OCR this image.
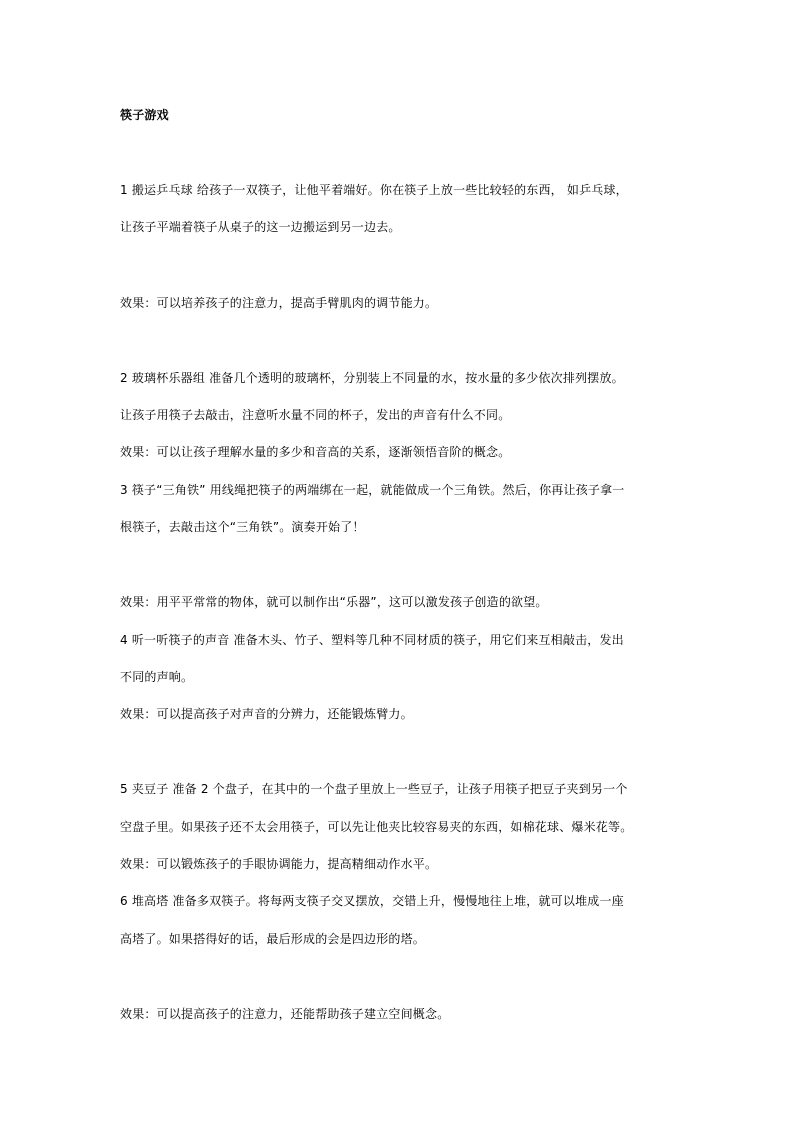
筷子游戏
1 搬运乒乓球 给孩子一双筷子，让他平着端好。你在筷子上放一些比较轻的东西， 如乒乓球，
让孩子平端着筷子从桌子的这一边搬运到另一边去。
效果：可以培养孩子的注意力，提高手臂肌肉的调节能力。
2 玻璃杯乐器组 准备几个透明的玻璃杯，分别装上不同量的水，按水量的多少依次排列摆放。
让孩子用筷子去敲击，注意听水量不同的杯子，发出的声音有什么不同。
效果：可以让孩子理解水量的多少和音高的关系，逐渐领悟音阶的概念。
3 筷子“三角铁” 用线绳把筷子的两端绑在一起，就能做成一个三角铁。然后，你再让孩子拿一
根筷子，去敲击这个“三角铁”。演奏开始了！
效果：用平平常常的物体，就可以制作出“乐器”，这可以激发孩子创造的欲望。
4 听一听筷子的声音 准备木头、竹子、塑料等几种不同材质的筷子，用它们来互相敲击，发出
不同的声响。
效果：可以提高孩子对声音的分辨力，还能锻炼臂力。
5 夹豆子 准备 2 个盘子，在其中的一个盘子里放上一些豆子，让孩子用筷子把豆子夹到另一个
空盘子里。如果孩子还不太会用筷子，可以先让他夹比较容易夹的东西，如棉花球、爆米花等。
效果：可以锻炼孩子的手眼协调能力，提高精细动作水平。
6 堆高塔 准备多双筷子。将每两支筷子交叉摆放，交错上升，慢慢地往上堆，就可以堆成一座
高塔了。如果搭得好的话，最后形成的会是四边形的塔。
效果：可以提高孩子的注意力，还能帮助孩子建立空间概念。
